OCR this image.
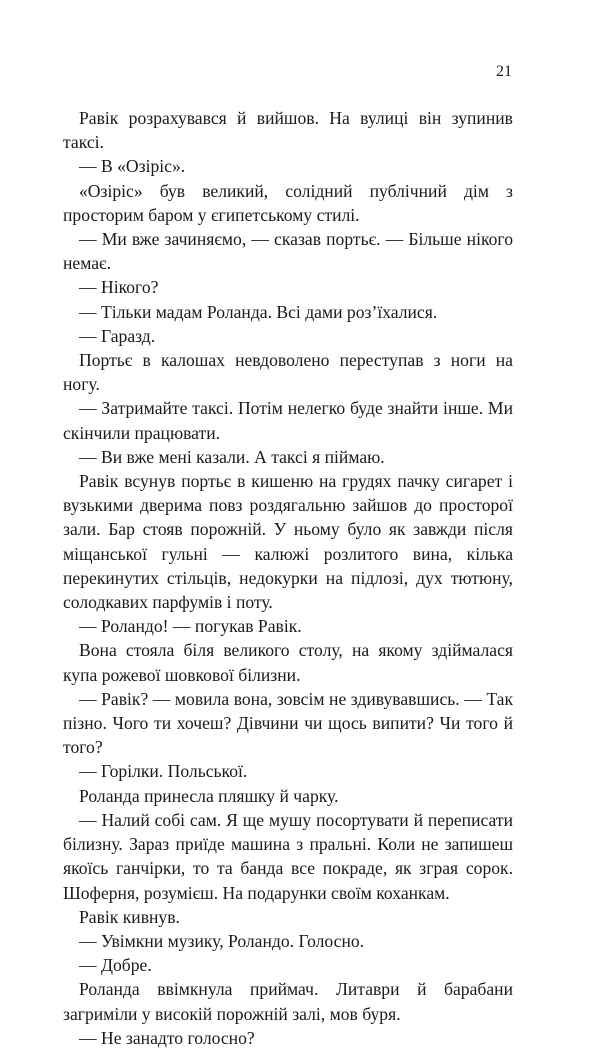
21

Равік розрахувався й вийшов. На вулиці він зупинив таксі.

— В «Озіріс».

«Озіріс» був великий, солідний публічний дім з просторим баром у єгипетському стилі.

— Ми вже зачиняємо, — сказав портьє. — Більше нікого немає.

— Нікого?

— Тільки мадам Роланда. Всі дами роз’їхалися.

— Гаразд.

Портьє в калошах невдоволено переступав з ноги на ногу.

— Затримайте таксі. Потім нелегко буде знайти інше. Ми скінчили працювати.

— Ви вже мені казали. А таксі я піймаю.

Равік всунув портьє в кишеню на грудях пачку сигарет і вузькими дверима повз роздягальню зайшов до просторої зали. Бар стояв порожній. У ньому було як завжди після міщанської гульні — калюжі розлитого вина, кілька перекинутих стільців, недокурки на підлозі, дух тютюну, солодкавих парфумів і поту.

— Роландо! — погукав Равік.

Вона стояла біля великого столу, на якому здіймалася купа рожевої шовкової білизни.

— Равік? — мовила вона, зовсім не здивувавшись. — Так пізно. Чого ти хочеш? Дівчини чи щось випити? Чи того й того?

— Горілки. Польської.

Роланда принесла пляшку й чарку.

— Налий собі сам. Я ще мушу посортувати й переписати білизну. Зараз приїде машина з пральні. Коли не запишеш якоїсь ганчірки, то та банда все покраде, як зграя сорок. Шоферня, розумієш. На подарунки своїм коханкам.

Равік кивнув.

— Увімкни музику, Роландо. Голосно.

— Добре.

Роланда ввімкнула приймач. Литаври й барабани загриміли у високій порожній залі, мов буря.

— Не занадто голосно?
